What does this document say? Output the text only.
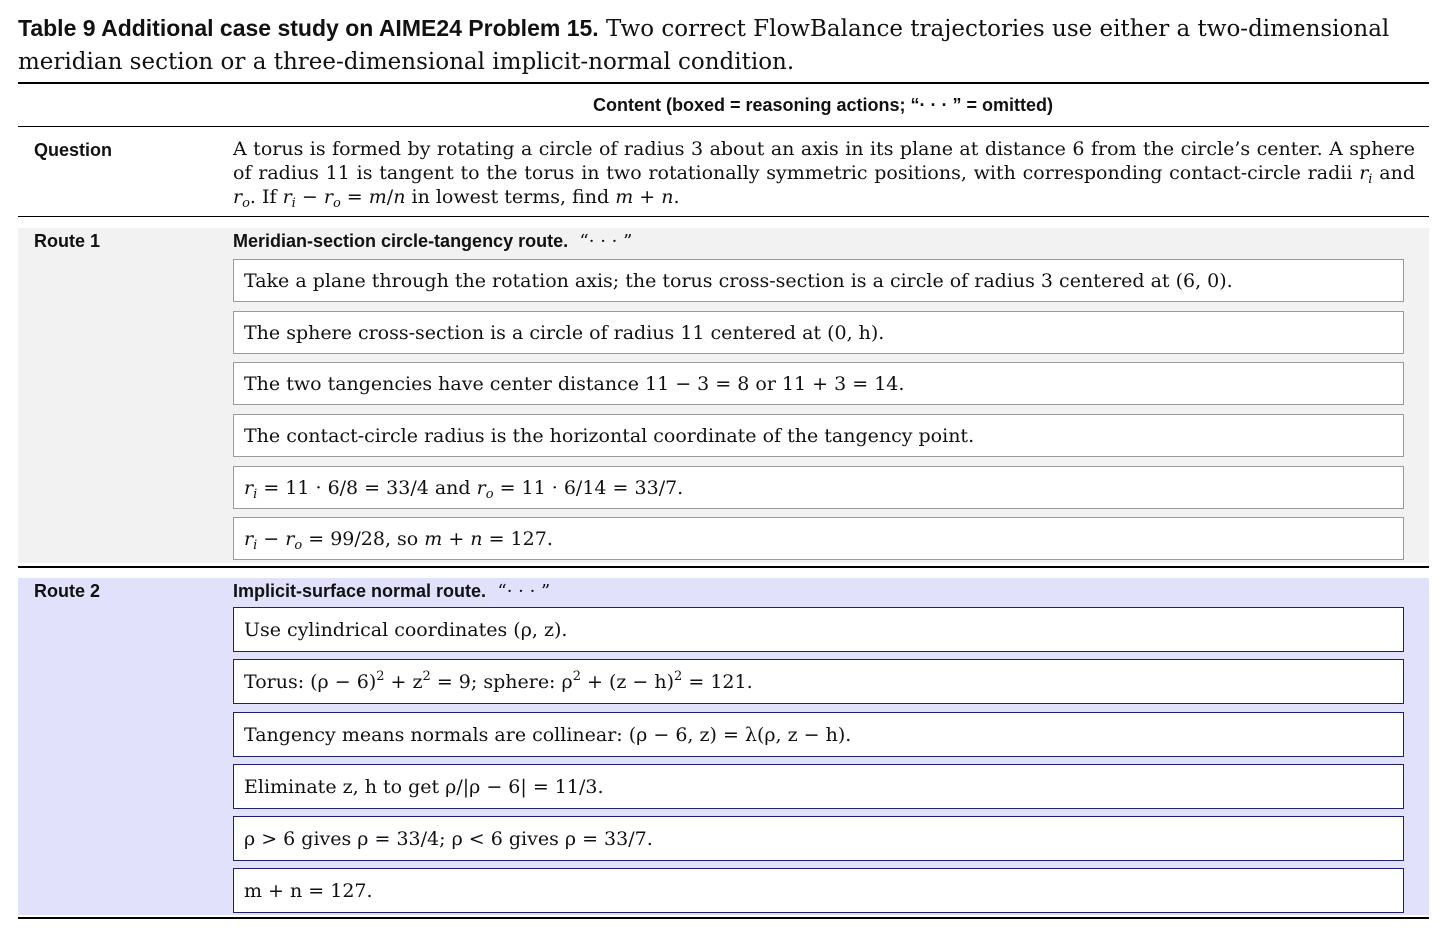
Table 9 Additional case study on AIME24 Problem 15. Two correct FlowBalance trajectories use either a two-dimensional meridian section or a three-dimensional implicit-normal condition.
Content (boxed = reasoning actions; “· · · ” = omitted)
Question	A torus is formed by rotating a circle of radius 3 about an axis in its plane at distance 6 from the circle’s center. A sphere of radius 11 is tangent to the torus in two rotationally symmetric positions, with corresponding contact-circle radii $r_i$ and $r_o$. If $r_i - r_o = m/n$ in lowest terms, find m + n.
Route 1	Meridian-section circle-tangency route. “· · · ”
Take a plane through the rotation axis; the torus cross-section is a circle of radius 3 centered at (6, 0).
The sphere cross-section is a circle of radius 11 centered at (0, h).
The two tangencies have center distance 11 − 3 = 8 or 11 + 3 = 14.
The contact-circle radius is the horizontal coordinate of the tangency point.
$r_i = 11 \cdot 6/8 = 33/4$ and $r_o = 11 \cdot 6/14 = 33/7$.
$r_i - r_o = 99/28$, so m + n = 127.
Route 2	Implicit-surface normal route. “· · · ”
Use cylindrical coordinates (ρ, z).
Torus: $(\rho - 6)^2 + z^2 = 9$; sphere: $\rho^2 + (z - h)^2 = 121$.
Tangency means normals are collinear: (ρ − 6, z) = λ(ρ, z − h).
Eliminate z, h to get ρ/|ρ − 6| = 11/3.
ρ > 6 gives ρ = 33/4; ρ < 6 gives ρ = 33/7.
m + n = 127.
